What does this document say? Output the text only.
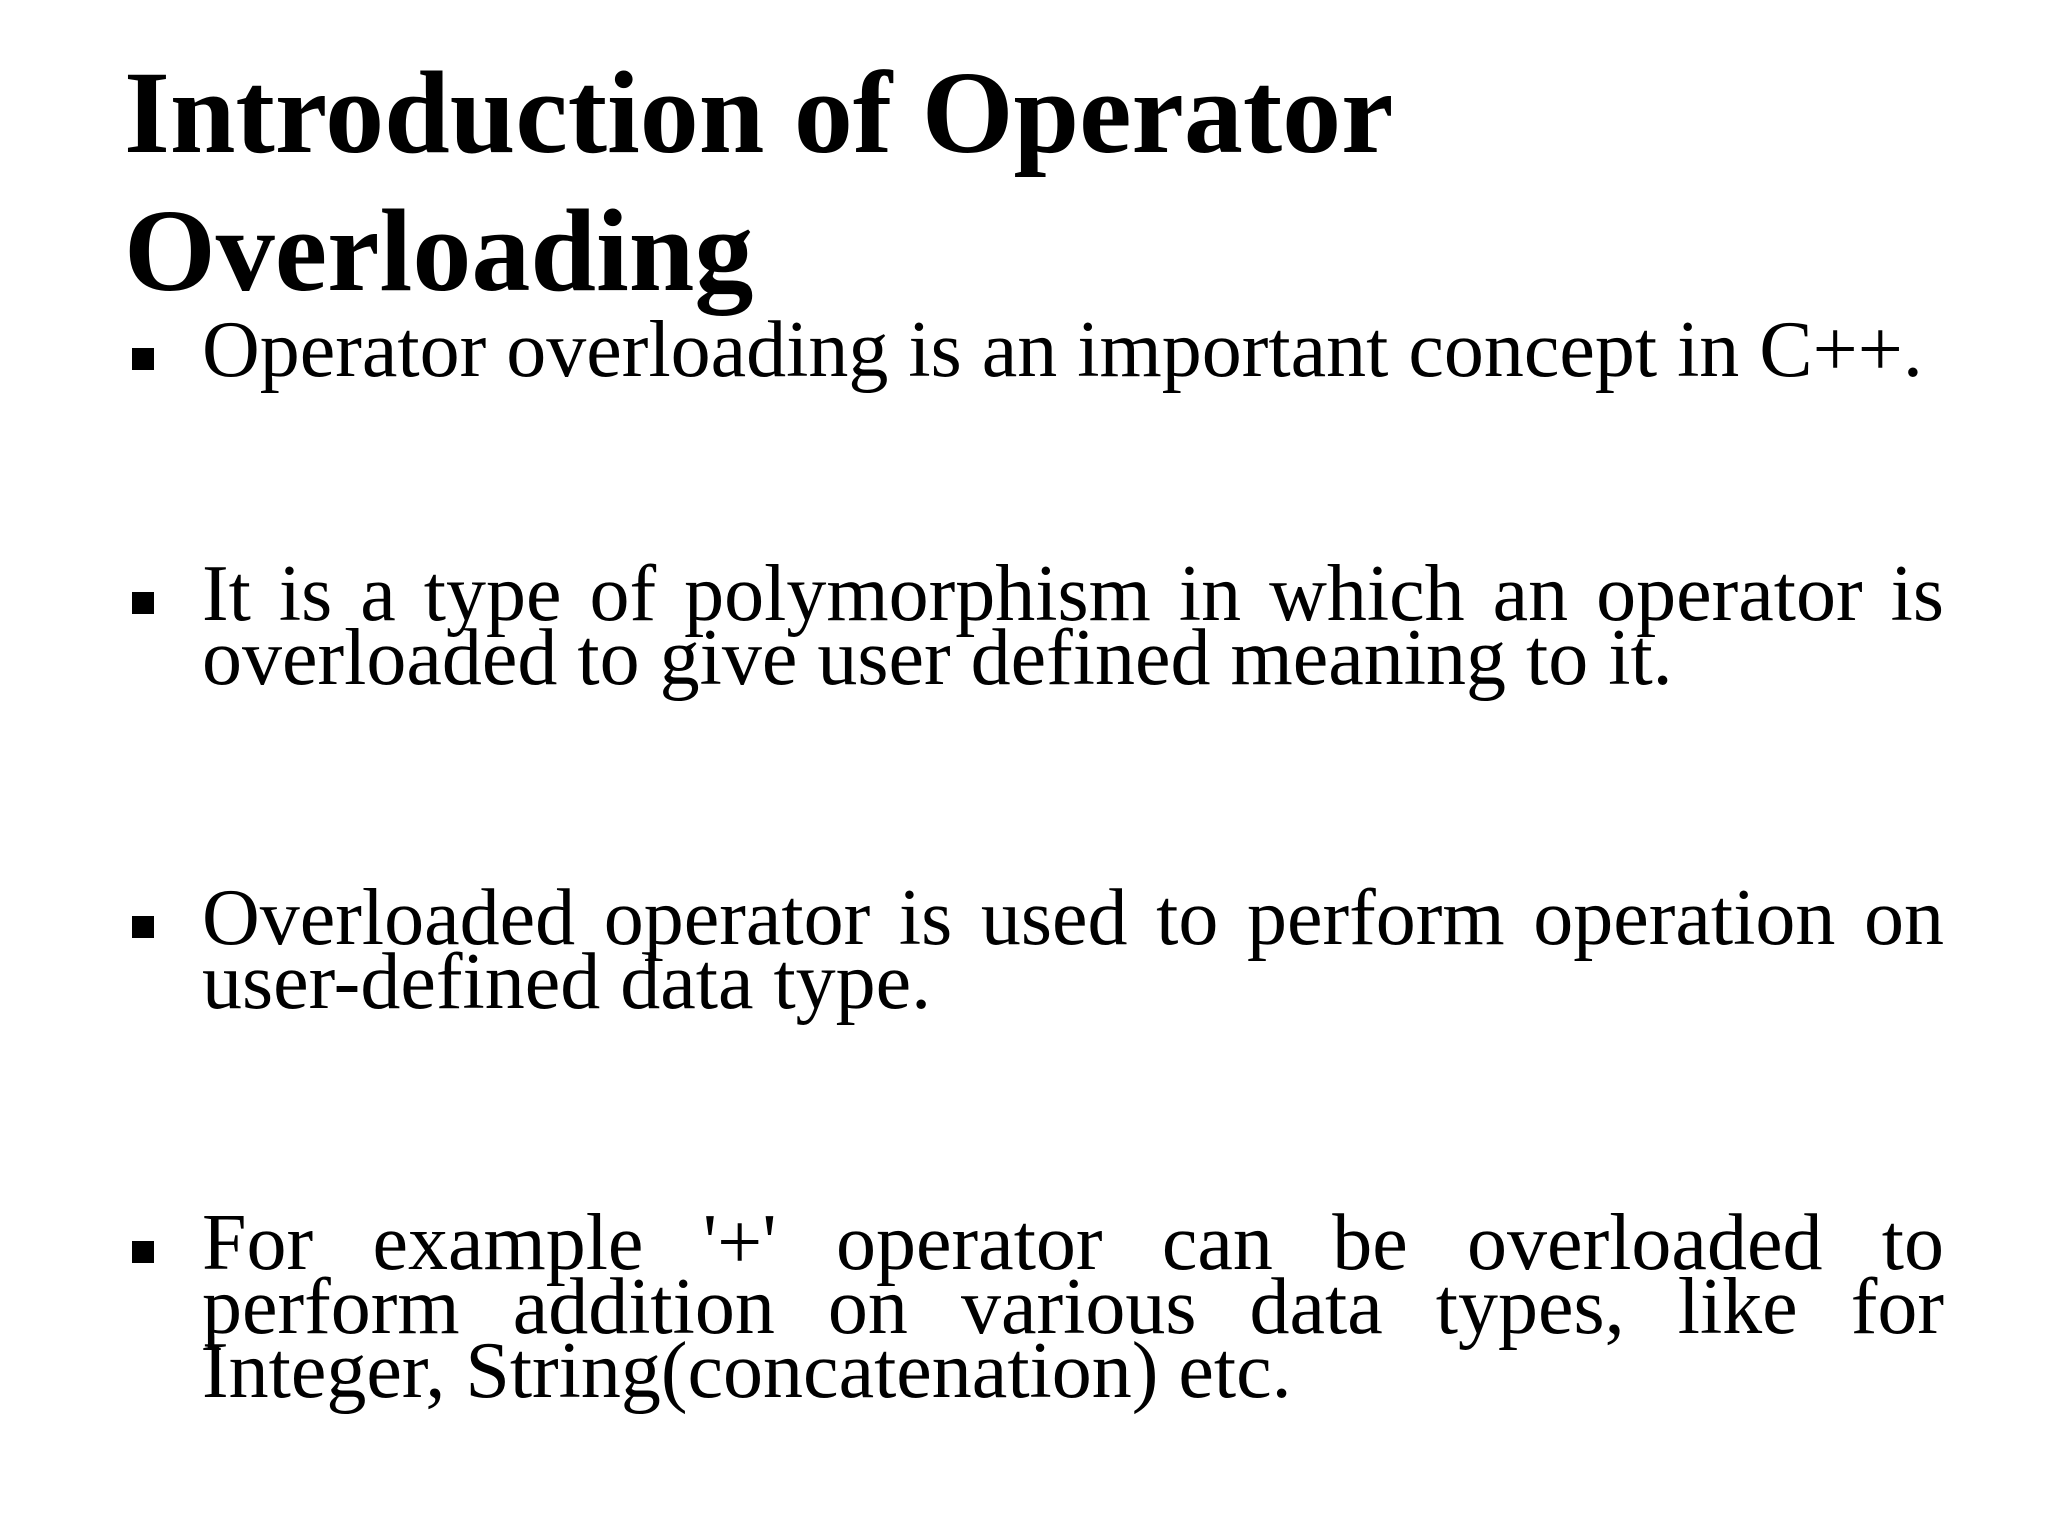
Introduction of Operator
Overloading

Operator overloading is an important concept in C++.

It is a type of polymorphism in which an operator is overloaded to give user defined meaning to it.

Overloaded operator is used to perform operation on user-defined data type.

For example '+' operator can be overloaded to perform addition on various data types, like for Integer, String(concatenation) etc.
